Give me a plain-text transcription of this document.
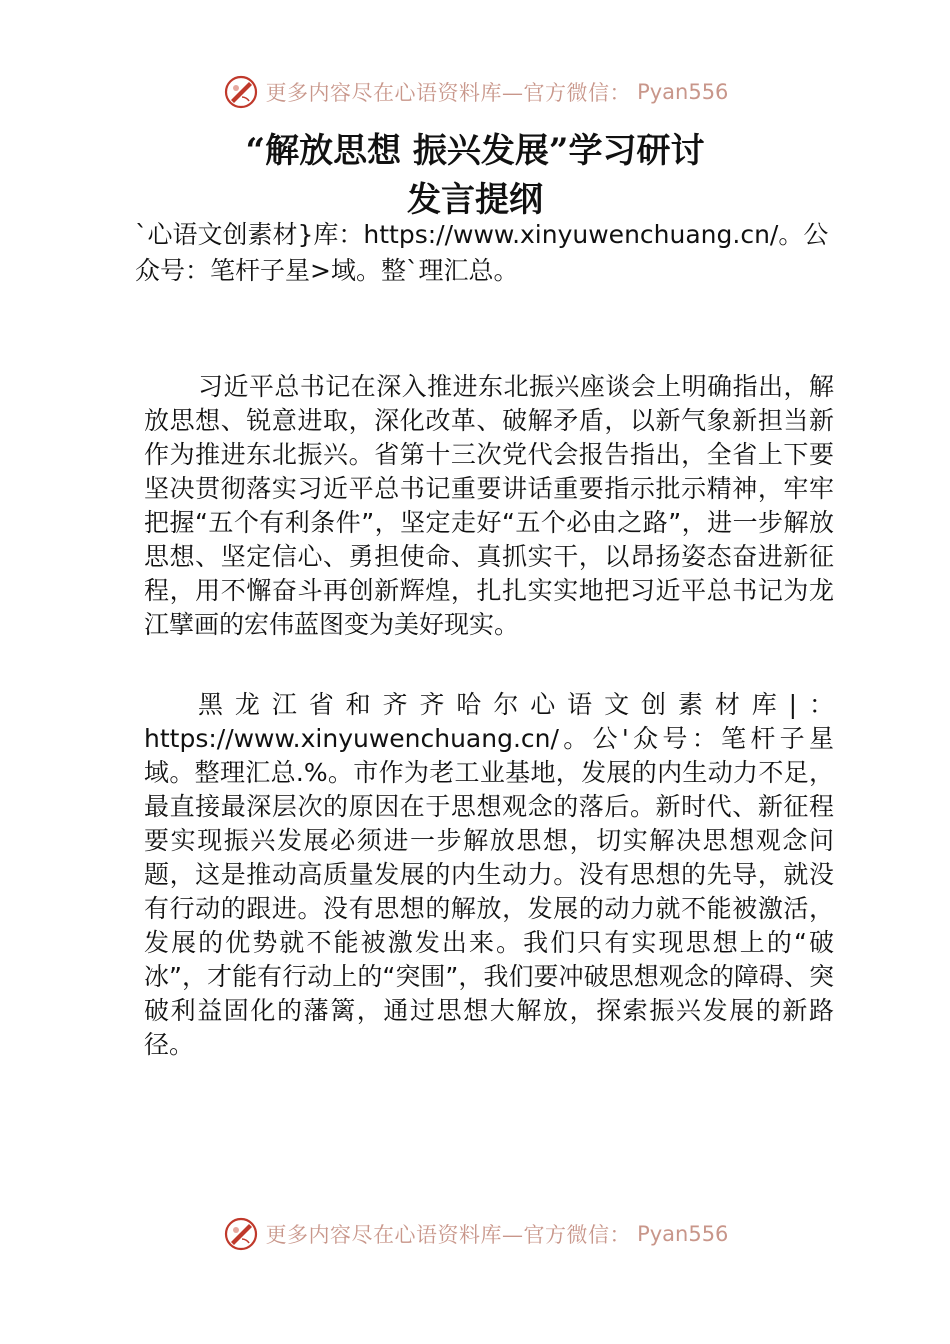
更多内容尽在心语资料库—官方微信： Pyan556
“解放思想 振兴发展”学习研讨
发言提纲

`心语文创素材}库：https://www.xinyuwenchuang.cn/。公众号：笔杆子星>域。整`理汇总。

习近平总书记在深入推进东北振兴座谈会上明确指出，解放思想、锐意进取，深化改革、破解矛盾，以新气象新担当新作为推进东北振兴。省第十三次党代会报告指出，全省上下要坚决贯彻落实习近平总书记重要讲话重要指示批示精神，牢牢把握“五个有利条件”，坚定走好“五个必由之路”，进一步解放思想、坚定信心、勇担使命、真抓实干，以昂扬姿态奋进新征程，用不懈奋斗再创新辉煌，扎扎实实地把习近平总书记为龙江擘画的宏伟蓝图变为美好现实。

黑龙江省和齐齐哈尔心语文创素材库|：https://www.xinyuwenchuang.cn/。公'众号：笔杆子星域。整理汇总.%。市作为老工业基地，发展的内生动力不足，最直接最深层次的原因在于思想观念的落后。新时代、新征程要实现振兴发展必须进一步解放思想，切实解决思想观念问题，这是推动高质量发展的内生动力。没有思想的先导，就没有行动的跟进。没有思想的解放，发展的动力就不能被激活，发展的优势就不能被激发出来。我们只有实现思想上的“破冰”，才能有行动上的“突围”，我们要冲破思想观念的障碍、突破利益固化的藩篱，通过思想大解放，探索振兴发展的新路径。

更多内容尽在心语资料库—官方微信： Pyan556
